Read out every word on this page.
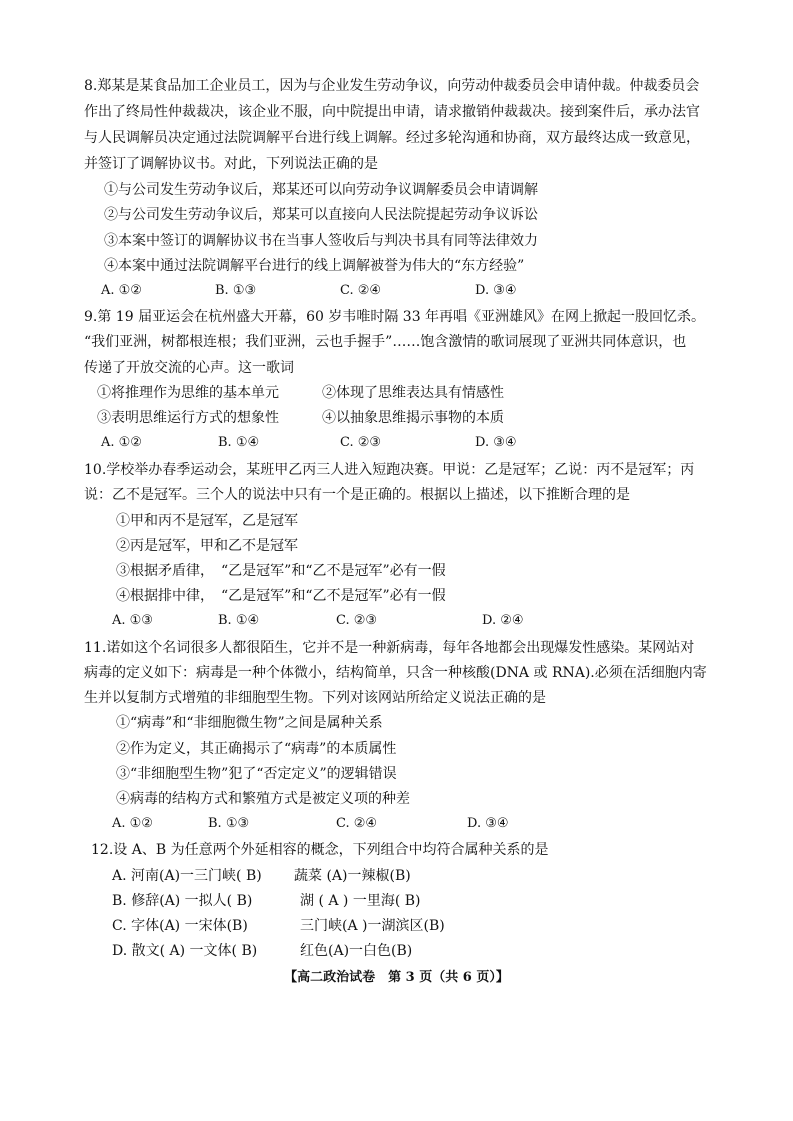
8.郑某是某食品加工企业员工，因为与企业发生劳动争议，向劳动仲裁委员会申请仲裁。仲裁委员会
作出了终局性仲裁裁决，该企业不服，向中院提出申请，请求撤销仲裁裁决。接到案件后，承办法官
与人民调解员决定通过法院调解平台进行线上调解。经过多轮沟通和协商，双方最终达成一致意见，
并签订了调解协议书。对此，下列说法正确的是
①与公司发生劳动争议后，郑某还可以向劳动争议调解委员会申请调解
②与公司发生劳动争议后，郑某可以直接向人民法院提起劳动争议诉讼
③本案中签订的调解协议书在当事人签收后与判决书具有同等法律效力
④本案中通过法院调解平台进行的线上调解被誉为伟大的“东方经验”
A. ①②	B. ①③	C. ②④	D. ③④
9.第 19 届亚运会在杭州盛大开幕，60 岁韦唯时隔 33 年再唱《亚洲雄风》在网上掀起一股回忆杀。
“我们亚洲，树都根连根；我们亚洲，云也手握手”……饱含激情的歌词展现了亚洲共同体意识，也
传递了开放交流的心声。这一歌词
①将推理作为思维的基本单元	②体现了思维表达具有情感性
③表明思维运行方式的想象性	④以抽象思维揭示事物的本质
A. ①②	B. ①④	C. ②③	D. ③④
10.学校举办春季运动会，某班甲乙丙三人进入短跑决赛。甲说：乙是冠军；乙说：丙不是冠军；丙
说：乙不是冠军。三个人的说法中只有一个是正确的。根据以上描述，以下推断合理的是
①甲和丙不是冠军，乙是冠军
②丙是冠军，甲和乙不是冠军
③根据矛盾律，　“乙是冠军”和“乙不是冠军”必有一假
④根据排中律，　“乙是冠军”和“乙不是冠军”必有一假
A. ①③	B. ①④	C. ②③	D. ②④
11.诺如这个名词很多人都很陌生，它并不是一种新病毒，每年各地都会出现爆发性感染。某网站对
病毒的定义如下：病毒是一种个体微小，结构简单，只含一种核酸(DNA 或 RNA).必须在活细胞内寄
生并以复制方式增殖的非细胞型生物。下列对该网站所给定义说法正确的是
①“病毒”和“非细胞微生物”之间是属种关系
②作为定义，其正确揭示了“病毒”的本质属性
③“非细胞型生物”犯了“否定定义”的逻辑错误
④病毒的结构方式和繁殖方式是被定义项的种差
A. ①②	B. ①③	C. ②④	D. ③④
12.设 A、B 为任意两个外延相容的概念，下列组合中均符合属种关系的是
A. 河南(A)一三门峡( B) 蔬菜 (A)一辣椒(B)
B. 修辞(A) 一拟人( B)	湖 ( A ) 一里海( B)
C. 字体(A) 一宋体(B)	三门峡(A )一湖滨区(B)
D. 散文( A) 一文体( B)	红色(A)一白色(B)
【高二政治试卷　第 3 页（共 6 页）】
